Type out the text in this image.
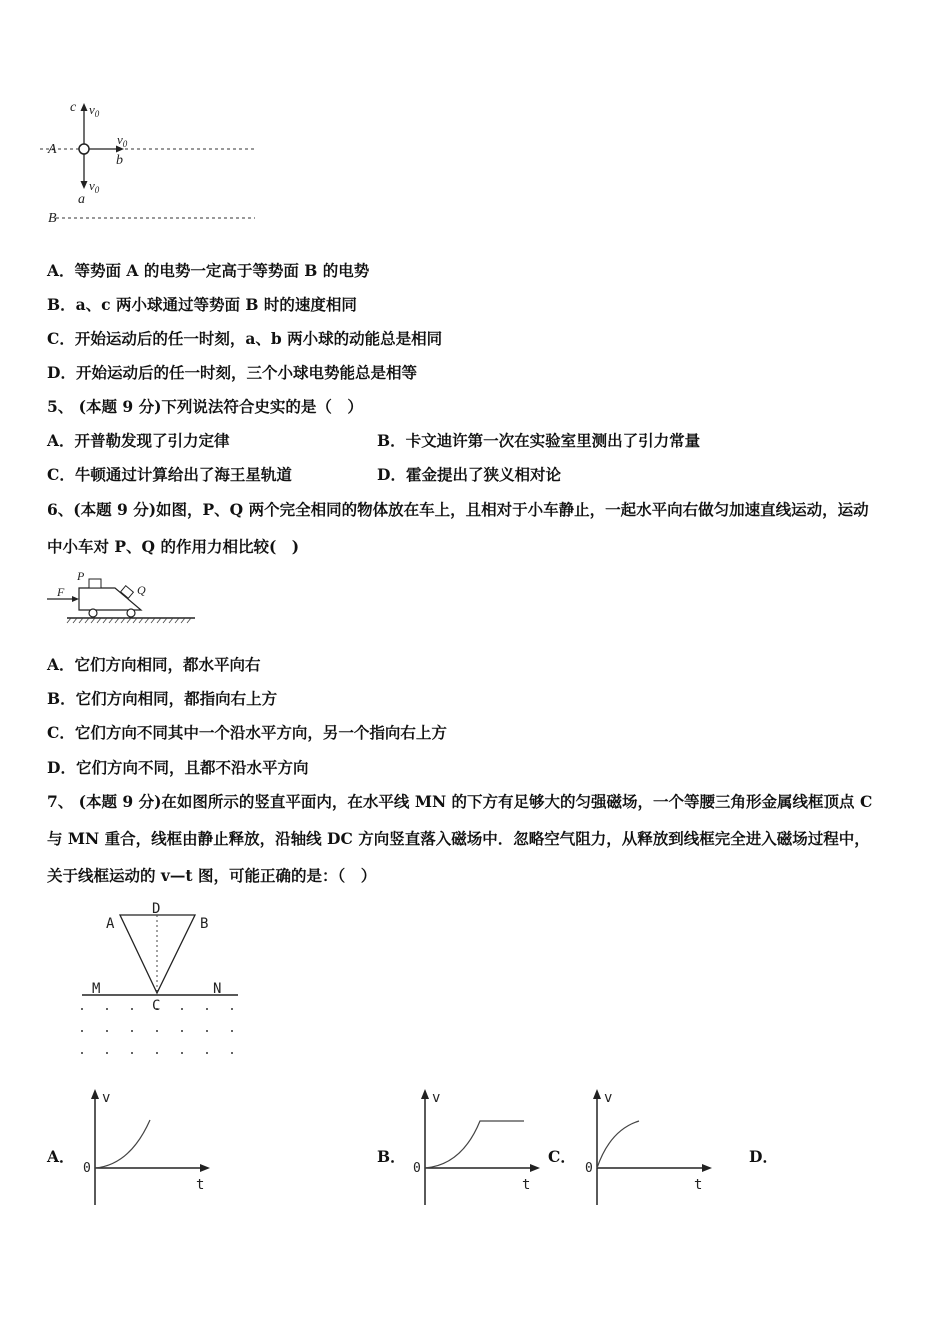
c $v_0$
A
$v_0$
b
$v_0$
a
B
A．等势面 A 的电势一定高于等势面 B 的电势
B．a、c 两小球通过等势面 B 时的速度相同
C．开始运动后的任一时刻，a、b 两小球的动能总是相同
D．开始运动后的任一时刻，三个小球电势能总是相等
5、 (本题 9 分)下列说法符合史实的是（　）
A．开普勒发现了引力定律	B．卡文迪许第一次在实验室里测出了引力常量
C．牛顿通过计算给出了海王星轨道	D．霍金提出了狭义相对论
6、(本题 9 分)如图，P、Q 两个完全相同的物体放在车上，且相对于小车静止，一起水平向右做匀加速直线运动，运动
中小车对 P、Q 的作用力相比较(　)
P
Q
F
A．它们方向相同，都水平向右
B．它们方向相同，都指向右上方
C．它们方向不同其中一个沿水平方向，另一个指向右上方
D．它们方向不同，且都不沿水平方向
7、 (本题 9 分)在如图所示的竖直平面内，在水平线 MN 的下方有足够大的匀强磁场，一个等腰三角形金属线框顶点 C
与 MN 重合，线框由静止释放，沿轴线 DC 方向竖直落入磁场中．忽略空气阻力，从释放到线框完全进入磁场过程中，
关于线框运动的 v—t 图，可能正确的是：（　）
A
D
B
M	N
C
A．
v
t
0
B．
v
t
0
C．
v
t
0
D．
